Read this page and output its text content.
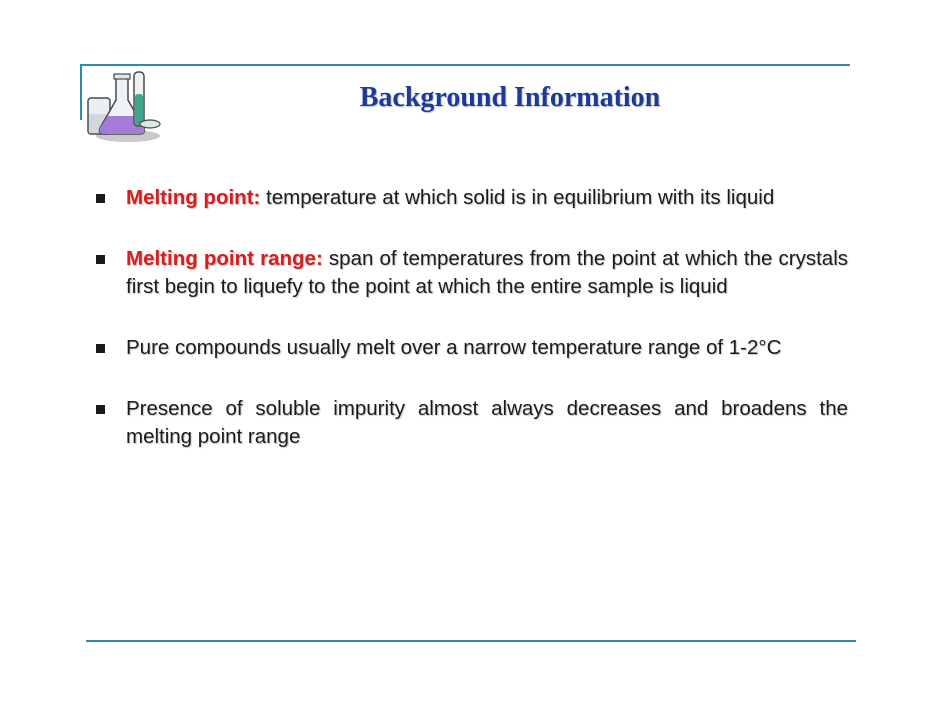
Background Information
Melting point: temperature at which solid is in equilibrium with its liquid
Melting point range: span of temperatures from the point at which the crystals first begin to liquefy to the point at which the entire sample is liquid
Pure compounds usually melt over a narrow temperature range of 1-2°C
Presence of soluble impurity almost always decreases and broadens the melting point range
